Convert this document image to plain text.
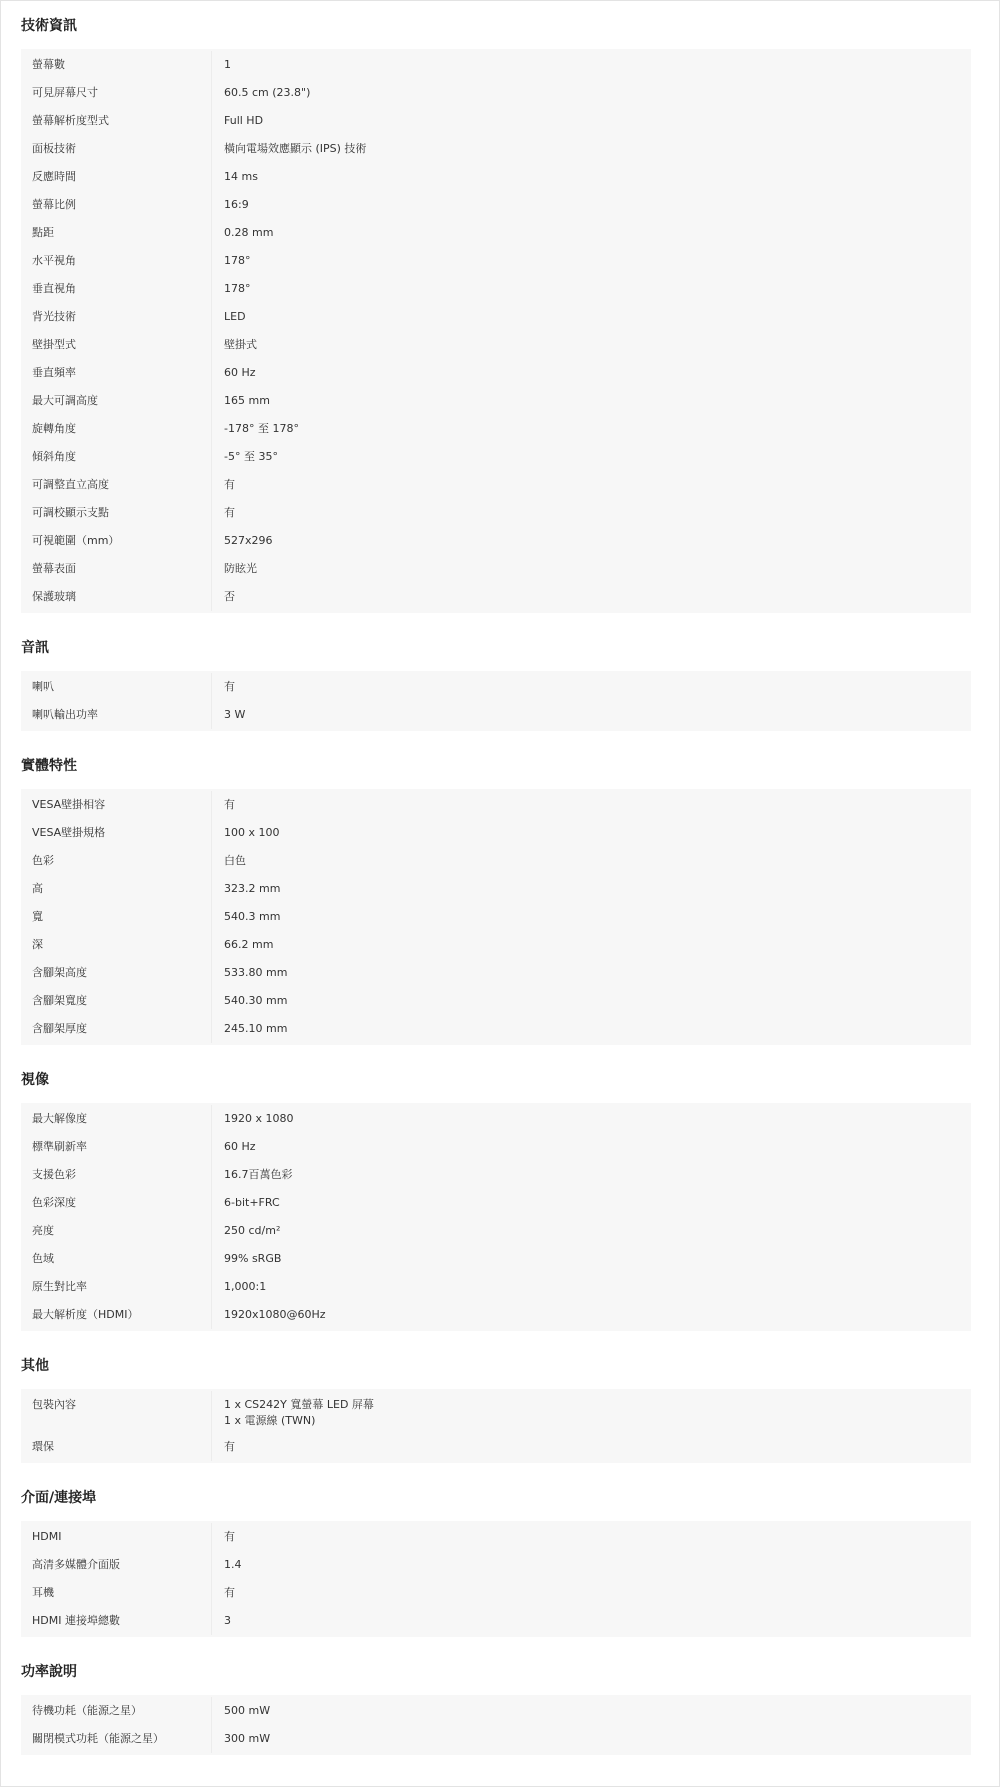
技術資訊
螢幕數	1
可見屏幕尺寸	60.5 cm (23.8")
螢幕解析度型式	Full HD
面板技術	橫向電場效應顯示 (IPS) 技術
反應時間	14 ms
螢幕比例	16:9
點距	0.28 mm
水平視角	178°
垂直視角	178°
背光技術	LED
壁掛型式	壁掛式
垂直頻率	60 Hz
最大可調高度	165 mm
旋轉角度	-178° 至 178°
傾斜角度	-5° 至 35°
可調整直立高度	有
可調校顯示支點	有
可視範圍（mm）	527x296
螢幕表面	防眩光
保護玻璃	否
音訊
喇叭	有
喇叭輸出功率	3 W
實體特性
VESA壁掛相容	有
VESA壁掛規格	100 x 100
色彩	白色
高	323.2 mm
寬	540.3 mm
深	66.2 mm
含腳架高度	533.80 mm
含腳架寬度	540.30 mm
含腳架厚度	245.10 mm
視像
最大解像度	1920 x 1080
標準刷新率	60 Hz
支援色彩	16.7百萬色彩
色彩深度	6-bit+FRC
亮度	250 cd/m²
色域	99% sRGB
原生對比率	1,000:1
最大解析度（HDMI）	1920x1080@60Hz
其他
包裝內容	1 x CS242Y 寬螢幕 LED 屏幕
1 x 電源線 (TWN)
環保	有
介面/連接埠
HDMI	有
高清多媒體介面版	1.4
耳機	有
HDMI 連接埠總數	3
功率說明
待機功耗（能源之星）	500 mW
關閉模式功耗（能源之星）	300 mW
